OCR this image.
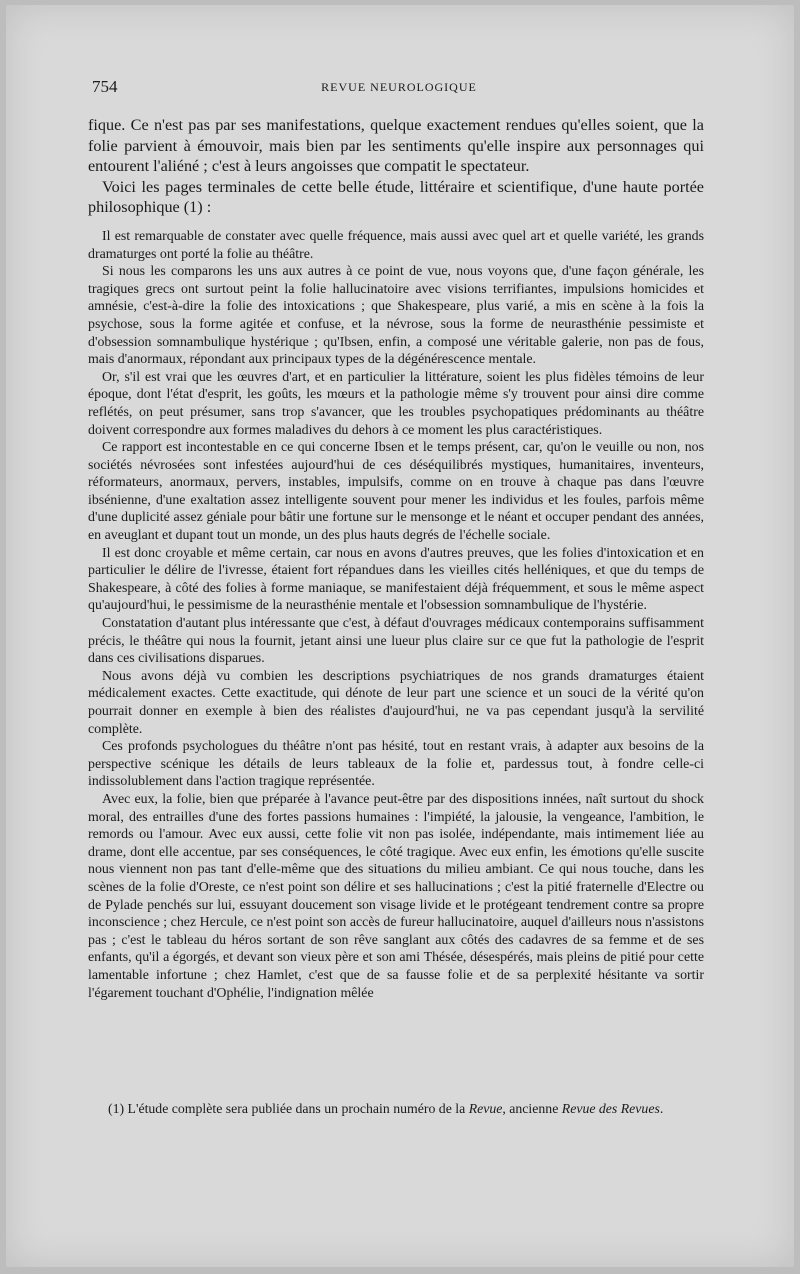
754	REVUE NEUROLOGIQUE

fique. Ce n'est pas par ses manifestations, quelque exactement rendues qu'elles soient, que la folie parvient à émouvoir, mais bien par les sentiments qu'elle inspire aux personnages qui entourent l'aliéné ; c'est à leurs angoisses que compatit le spectateur.

Voici les pages terminales de cette belle étude, littéraire et scientifique, d'une haute portée philosophique (1) :

Il est remarquable de constater avec quelle fréquence, mais aussi avec quel art et quelle variété, les grands dramaturges ont porté la folie au théâtre.

Si nous les comparons les uns aux autres à ce point de vue, nous voyons que, d'une façon générale, les tragiques grecs ont surtout peint la folie hallucinatoire avec visions terrifiantes, impulsions homicides et amnésie, c'est-à-dire la folie des intoxications ; que Shakespeare, plus varié, a mis en scène à la fois la psychose, sous la forme agitée et confuse, et la névrose, sous la forme de neurasthénie pessimiste et d'obsession somnambulique hystérique ; qu'Ibsen, enfin, a composé une véritable galerie, non pas de fous, mais d'anormaux, répondant aux principaux types de la dégénérescence mentale.

Or, s'il est vrai que les œuvres d'art, et en particulier la littérature, soient les plus fidèles témoins de leur époque, dont l'état d'esprit, les goûts, les mœurs et la pathologie même s'y trouvent pour ainsi dire comme reflétés, on peut présumer, sans trop s'avancer, que les troubles psychopatiques prédominants au théâtre doivent correspondre aux formes maladives du dehors à ce moment les plus caractéristiques.

Ce rapport est incontestable en ce qui concerne Ibsen et le temps présent, car, qu'on le veuille ou non, nos sociétés névrosées sont infestées aujourd'hui de ces déséquilibrés mystiques, humanitaires, inventeurs, réformateurs, anormaux, pervers, instables, impulsifs, comme on en trouve à chaque pas dans l'œuvre ibsénienne, d'une exaltation assez intelligente souvent pour mener les individus et les foules, parfois même d'une duplicité assez géniale pour bâtir une fortune sur le mensonge et le néant et occuper pendant des années, en aveuglant et dupant tout un monde, un des plus hauts degrés de l'échelle sociale.

Il est donc croyable et même certain, car nous en avons d'autres preuves, que les folies d'intoxication et en particulier le délire de l'ivresse, étaient fort répandues dans les vieilles cités helléniques, et que du temps de Shakespeare, à côté des folies à forme maniaque, se manifestaient déjà fréquemment, et sous le même aspect qu'aujourd'hui, le pessimisme de la neurasthénie mentale et l'obsession somnambulique de l'hystérie.

Constatation d'autant plus intéressante que c'est, à défaut d'ouvrages médicaux contemporains suffisamment précis, le théâtre qui nous la fournit, jetant ainsi une lueur plus claire sur ce que fut la pathologie de l'esprit dans ces civilisations disparues.

Nous avons déjà vu combien les descriptions psychiatriques de nos grands dramaturges étaient médicalement exactes. Cette exactitude, qui dénote de leur part une science et un souci de la vérité qu'on pourrait donner en exemple à bien des réalistes d'aujourd'hui, ne va pas cependant jusqu'à la servilité complète.

Ces profonds psychologues du théâtre n'ont pas hésité, tout en restant vrais, à adapter aux besoins de la perspective scénique les détails de leurs tableaux de la folie et, pardessus tout, à fondre celle-ci indissolublement dans l'action tragique représentée.

Avec eux, la folie, bien que préparée à l'avance peut-être par des dispositions innées, naît surtout du shock moral, des entrailles d'une des fortes passions humaines : l'impiété, la jalousie, la vengeance, l'ambition, le remords ou l'amour. Avec eux aussi, cette folie vit non pas isolée, indépendante, mais intimement liée au drame, dont elle accentue, par ses conséquences, le côté tragique. Avec eux enfin, les émotions qu'elle suscite nous viennent non pas tant d'elle-même que des situations du milieu ambiant. Ce qui nous touche, dans les scènes de la folie d'Oreste, ce n'est point son délire et ses hallucinations ; c'est la pitié fraternelle d'Electre ou de Pylade penchés sur lui, essuyant doucement son visage livide et le protégeant tendrement contre sa propre inconscience ; chez Hercule, ce n'est point son accès de fureur hallucinatoire, auquel d'ailleurs nous n'assistons pas ; c'est le tableau du héros sortant de son rêve sanglant aux côtés des cadavres de sa femme et de ses enfants, qu'il a égorgés, et devant son vieux père et son ami Thésée, désespérés, mais pleins de pitié pour cette lamentable infortune ; chez Hamlet, c'est que de sa fausse folie et de sa perplexité hésitante va sortir l'égarement touchant d'Ophélie, l'indignation mêlée

(1) L'étude complète sera publiée dans un prochain numéro de la Revue, ancienne Revue des Revues.
